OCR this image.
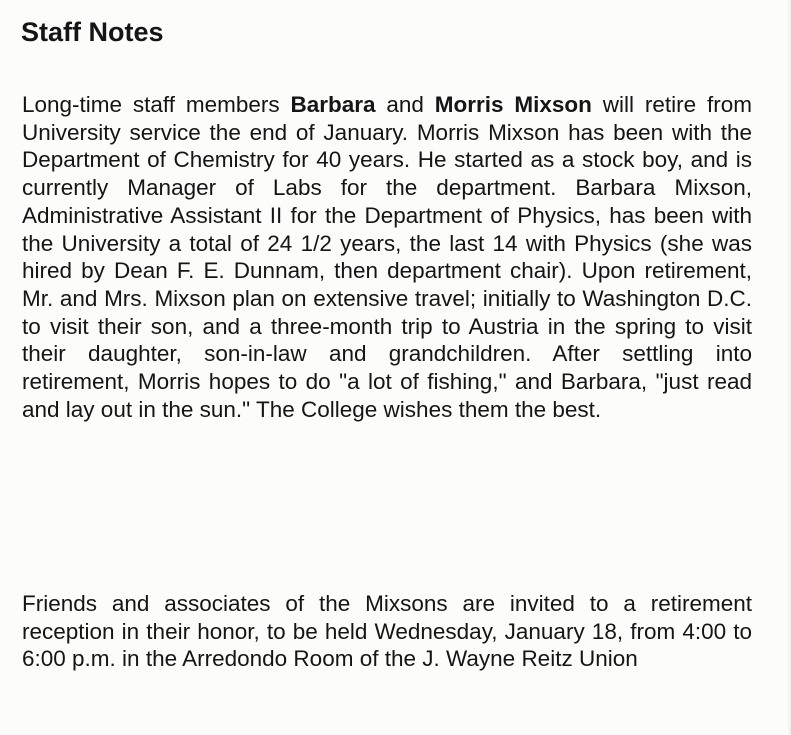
Staff Notes

Long-time staff members Barbara and Morris Mixson will retire from University service the end of January. Morris Mixson has been with the Department of Chemistry for 40 years. He started as a stock boy, and is currently Manager of Labs for the department. Barbara Mixson, Administrative Assistant II for the Department of Physics, has been with the University a total of 24 1/2 years, the last 14 with Physics (she was hired by Dean F. E. Dunnam, then department chair). Upon retirement, Mr. and Mrs. Mixson plan on extensive travel; initially to Washington D.C. to visit their son, and a three-month trip to Austria in the spring to visit their daughter, son-in-law and grandchildren. After settling into retirement, Morris hopes to do "a lot of fishing," and Barbara, "just read and lay out in the sun." The College wishes them the best.

Friends and associates of the Mixsons are invited to a retirement reception in their honor, to be held Wednesday, January 18, from 4:00 to 6:00 p.m. in the Arredondo Room of the J. Wayne Reitz Union
